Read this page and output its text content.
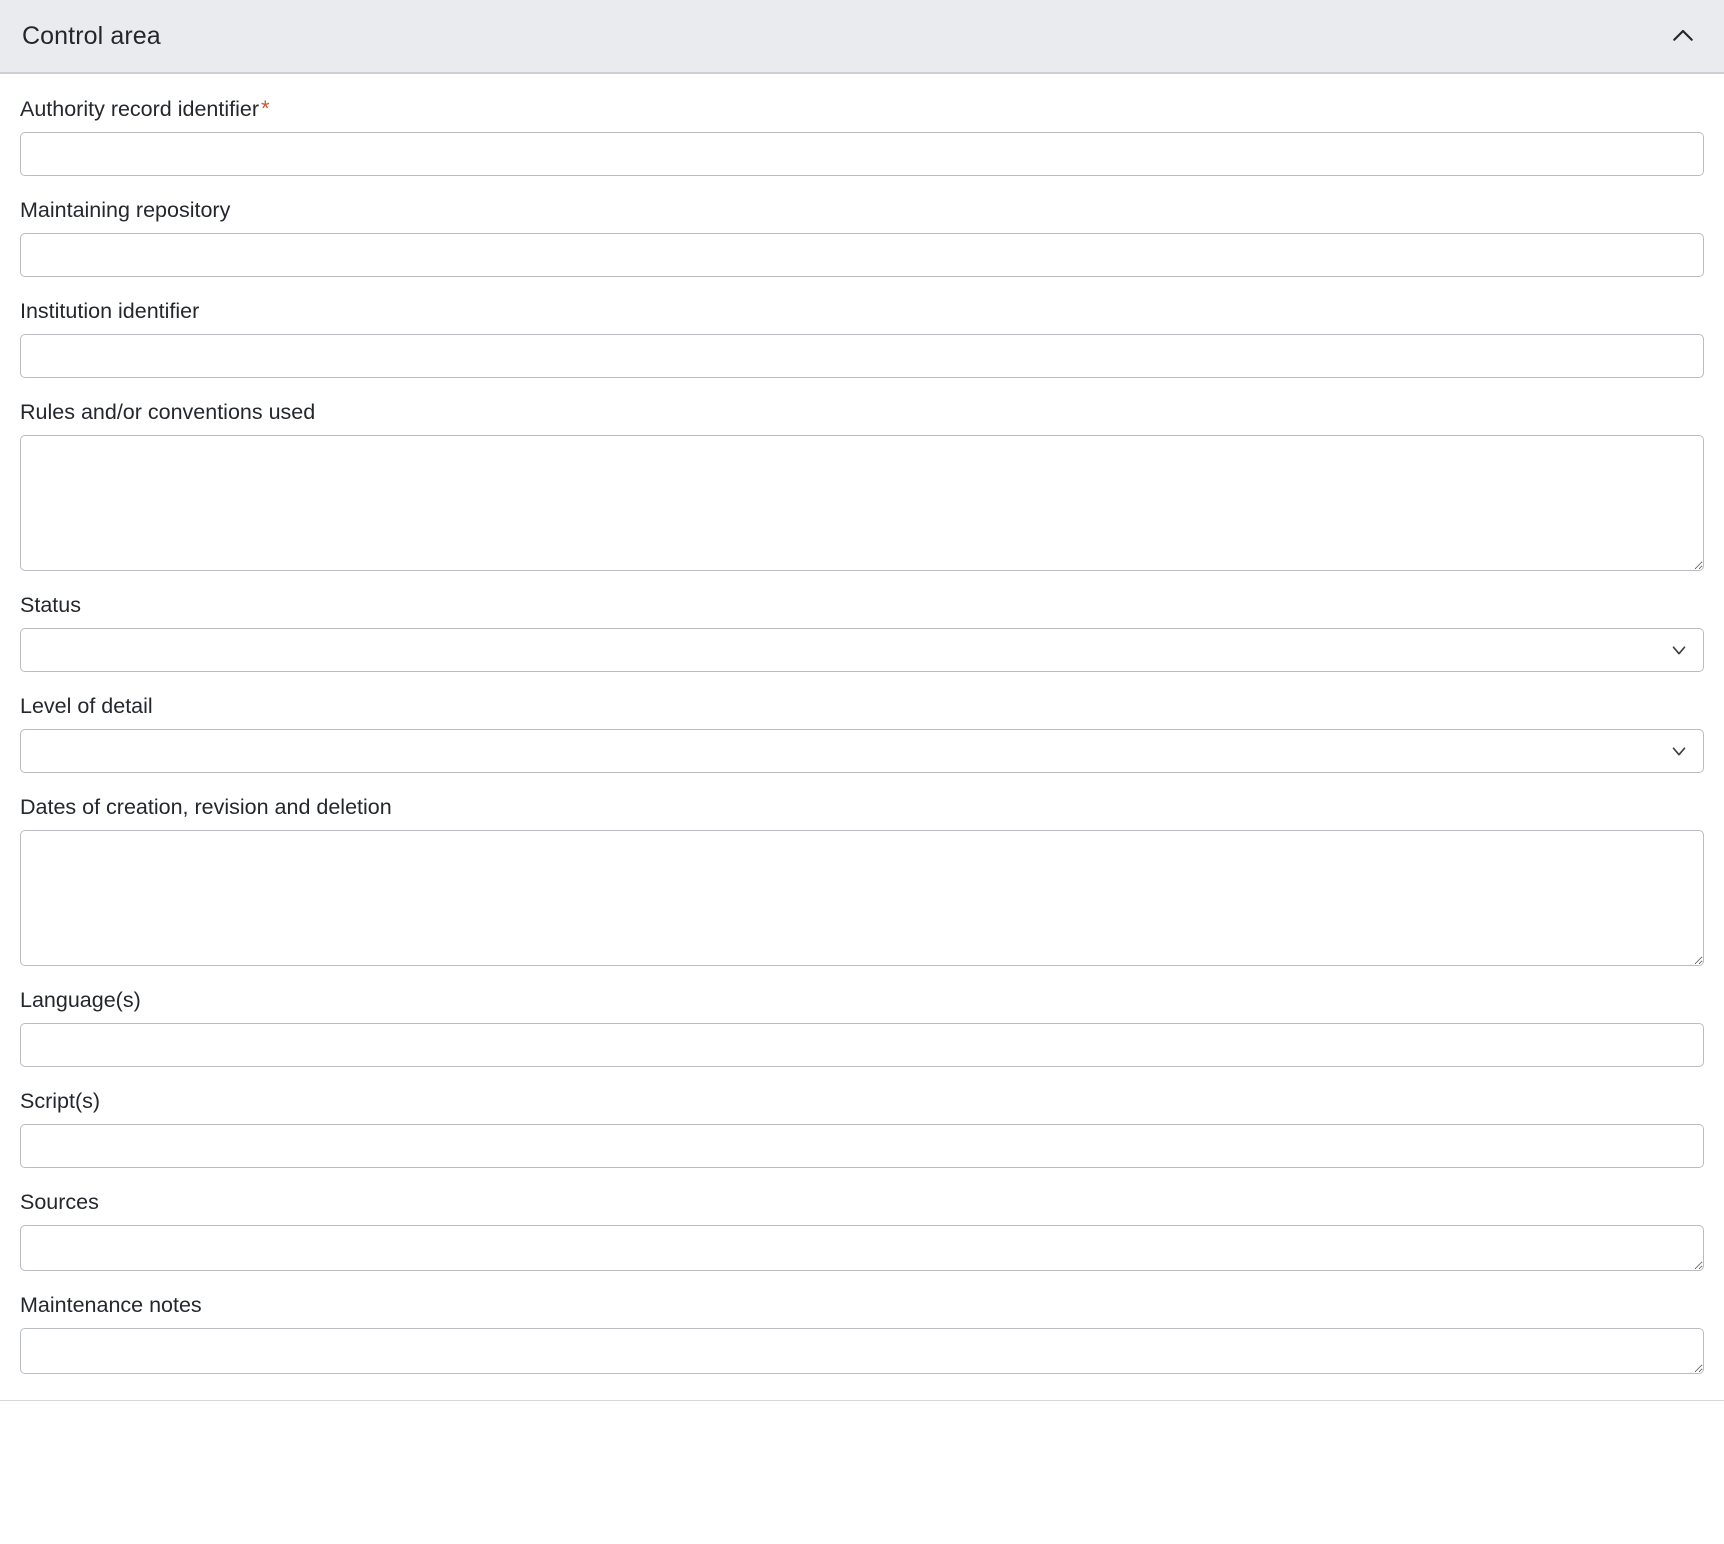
Control area
Authority record identifier*
Maintaining repository
Institution identifier
Rules and/or conventions used
Status
Level of detail
Dates of creation, revision and deletion
Language(s)
Script(s)
Sources
Maintenance notes
